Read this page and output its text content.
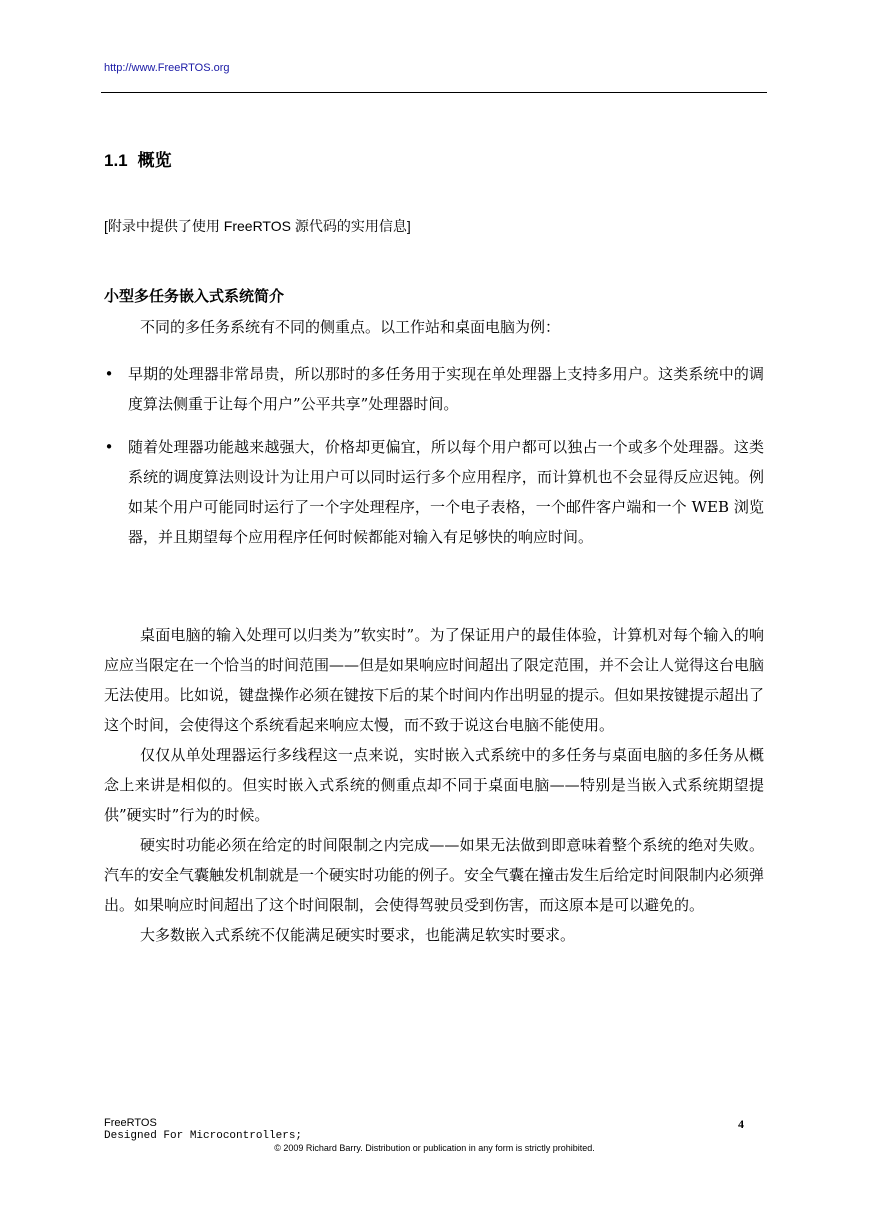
http://www.FreeRTOS.org
1.1 概览
[附录中提供了使用 FreeRTOS 源代码的实用信息]
小型多任务嵌入式系统简介
不同的多任务系统有不同的侧重点。以工作站和桌面电脑为例：
• 早期的处理器非常昂贵，所以那时的多任务用于实现在单处理器上支持多用户。这类系统中的调度算法侧重于让每个用户”公平共享”处理器时间。
• 随着处理器功能越来越强大，价格却更偏宜，所以每个用户都可以独占一个或多个处理器。这类系统的调度算法则设计为让用户可以同时运行多个应用程序，而计算机也不会显得反应迟钝。例如某个用户可能同时运行了一个字处理程序，一个电子表格，一个邮件客户端和一个 WEB 浏览器，并且期望每个应用程序任何时候都能对输入有足够快的响应时间。

桌面电脑的输入处理可以归类为”软实时”。为了保证用户的最佳体验，计算机对每个输入的响应应当限定在一个恰当的时间范围——但是如果响应时间超出了限定范围，并不会让人觉得这台电脑无法使用。比如说，键盘操作必须在键按下后的某个时间内作出明显的提示。但如果按键提示超出了这个时间，会使得这个系统看起来响应太慢，而不致于说这台电脑不能使用。

仅仅从单处理器运行多线程这一点来说，实时嵌入式系统中的多任务与桌面电脑的多任务从概念上来讲是相似的。但实时嵌入式系统的侧重点却不同于桌面电脑——特别是当嵌入式系统期望提供”硬实时”行为的时候。

硬实时功能必须在给定的时间限制之内完成——如果无法做到即意味着整个系统的绝对失败。汽车的安全气囊触发机制就是一个硬实时功能的例子。安全气囊在撞击发生后给定时间限制内必须弹出。如果响应时间超出了这个时间限制，会使得驾驶员受到伤害，而这原本是可以避免的。

大多数嵌入式系统不仅能满足硬实时要求，也能满足软实时要求。

FreeRTOS
Designed For Microcontrollers;
4
© 2009 Richard Barry. Distribution or publication in any form is strictly prohibited.
